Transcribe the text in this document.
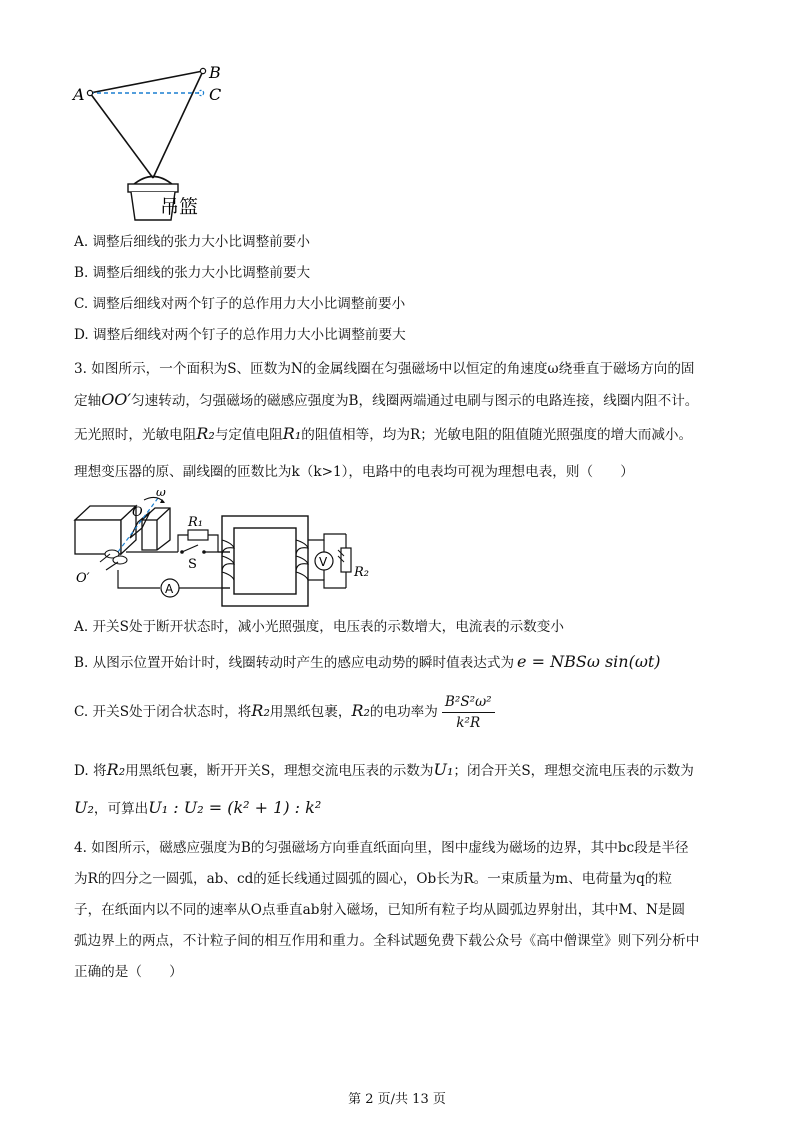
A
B
C
吊篮
A. 调整后细线的张力大小比调整前要小
B. 调整后细线的张力大小比调整前要大
C. 调整后细线对两个钉子的总作用力大小比调整前要小
D. 调整后细线对两个钉子的总作用力大小比调整前要大
3. 如图所示，一个面积为S、匝数为N的金属线圈在匀强磁场中以恒定的角速度ω绕垂直于磁场方向的固
定轴OO′匀速转动，匀强磁场的磁感应强度为B，线圈两端通过电刷与图示的电路连接，线圈内阻不计。
无光照时，光敏电阻R₂与定值电阻R₁的阻值相等，均为R；光敏电阻的阻值随光照强度的增大而减小。
理想变压器的原、副线圈的匝数比为k（k>1），电路中的电表均可视为理想电表，则（　　）
ω
O
O′
R₁
S
A
V
R₂
A. 开关S处于断开状态时，减小光照强度，电压表的示数增大，电流表的示数变小
B. 从图示位置开始计时，线圈转动时产生的感应电动势的瞬时值表达式为 e = NBSω sin(ωt)
C. 开关S处于闭合状态时，将R₂用黑纸包裹，R₂的电功率为 $\frac{\text{B²S²ω²}}{\text{k²R}}$
D. 将R₂用黑纸包裹，断开开关S，理想交流电压表的示数为U₁；闭合开关S，理想交流电压表的示数为
U₂，可算出U₁ : U₂ = (k² + 1) : k²
4. 如图所示，磁感应强度为B的匀强磁场方向垂直纸面向里，图中虚线为磁场的边界，其中bc段是半径
为R的四分之一圆弧，ab、cd的延长线通过圆弧的圆心，Ob长为R。一束质量为m、电荷量为q的粒
子，在纸面内以不同的速率从O点垂直ab射入磁场，已知所有粒子均从圆弧边界射出，其中M、N是圆
弧边界上的两点，不计粒子间的相互作用和重力。全科试题免费下载公众号《高中僧课堂》则下列分析中
正确的是（　　）
第 2 页/共 13 页
